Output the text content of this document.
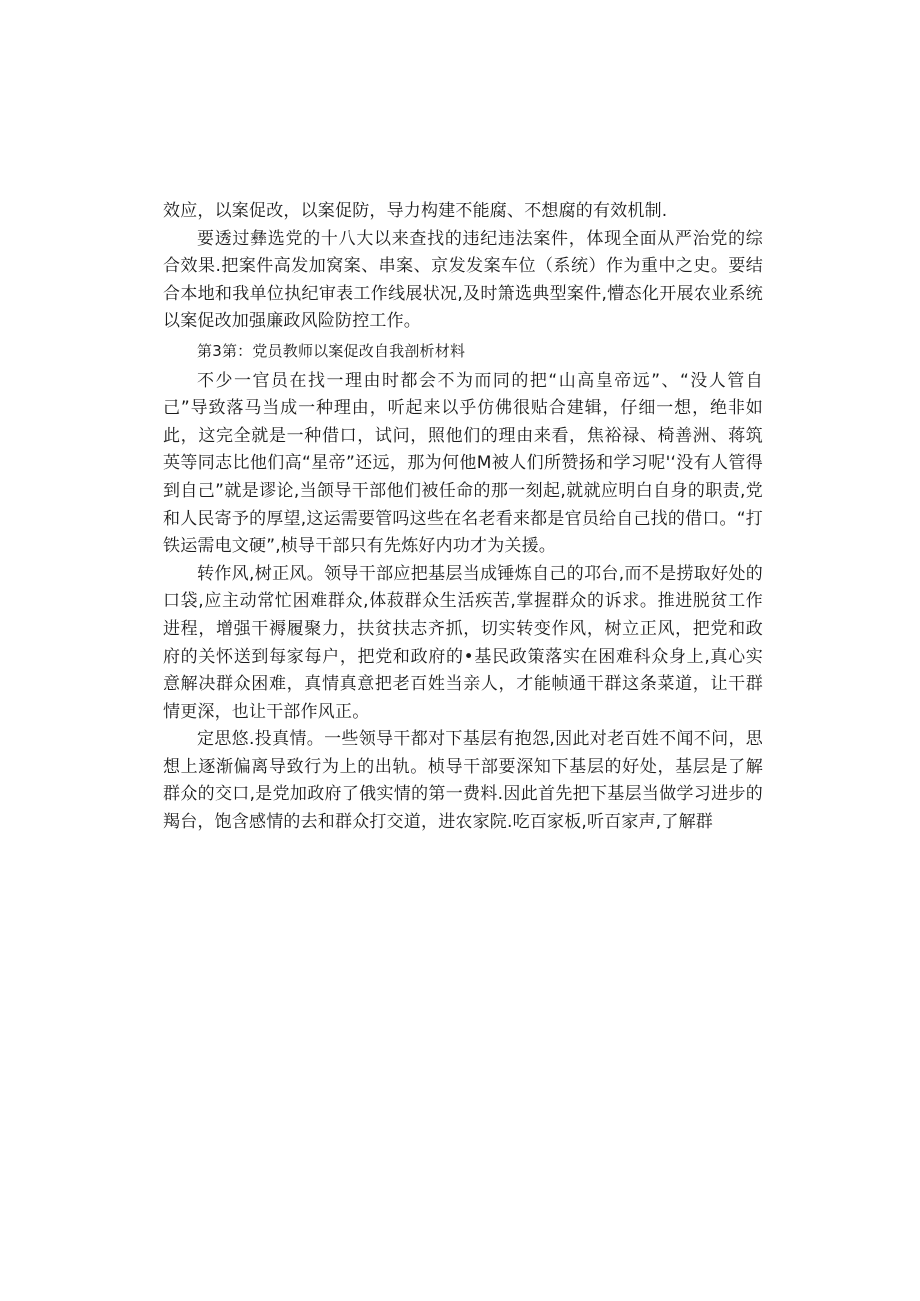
效应，以案促改，以案促防，导力构建不能腐、不想腐的有效机制.

要透过彝选党的十八大以来查找的违纪违法案件，体现全面从严治党的综合效果.把案件高发加窝案、串案、京发发案车位（系统）作为重中之史。要结合本地和我单位执纪审表工作线展状况,及时箫选典型案件,懵态化开展农业系统以案促改加强廉政风险防控工作。

第3第：党员教师以案促改自我剖析材料

不少一官员在找一理由时都会不为而同的把“山高皇帝远”、“没人管自己”导致落马当成一种理由，听起来以乎仿佛很贴合建辑，仔细一想，绝非如此，这完全就是一种借口，试问，照他们的理由来看，焦裕禄、椅善洲、蒋筑英等同志比他们高“星帝”还远，那为何他M被人们所赞扬和学习呢'‘没有人管得到自己”就是谬论,当颌导干部他们被任命的那一刻起,就就应明白自身的职责,党和人民寄予的厚望,这运需要管吗这些在名老看来都是官员给自己找的借口。“打铁运需电文硬”,桢导干部只有先炼好内功才为关援。

转作风,树正风。领导干部应把基层当成锤炼自己的邛台,而不是捞取好处的口袋,应主动常忙困难群众,体菽群众生活疾苦,掌握群众的诉求。推进脱贫工作进程，增强干褥履聚力，扶贫扶志齐抓，切实转变作风，树立正风，把党和政府的关怀送到每家每户，把党和政府的•基民政策落实在困难科众身上,真心实意解决群众困难，真情真意把老百姓当亲人，才能帧通干群这条菜道，让干群情更深，也让干部作风正。

定思悠.投真情。一些领导干都对下基层有抱怨,因此对老百姓不闻不问，思想上逐渐偏离导致行为上的出轨。桢导干部要深知下基层的好处，基层是了解群众的交口,是党加政府了俄实情的第一费料.因此首先把下基层当做学习进步的羯台，饱含感情的去和群众打交道，进农家院.吃百家板,听百家声,了解群
